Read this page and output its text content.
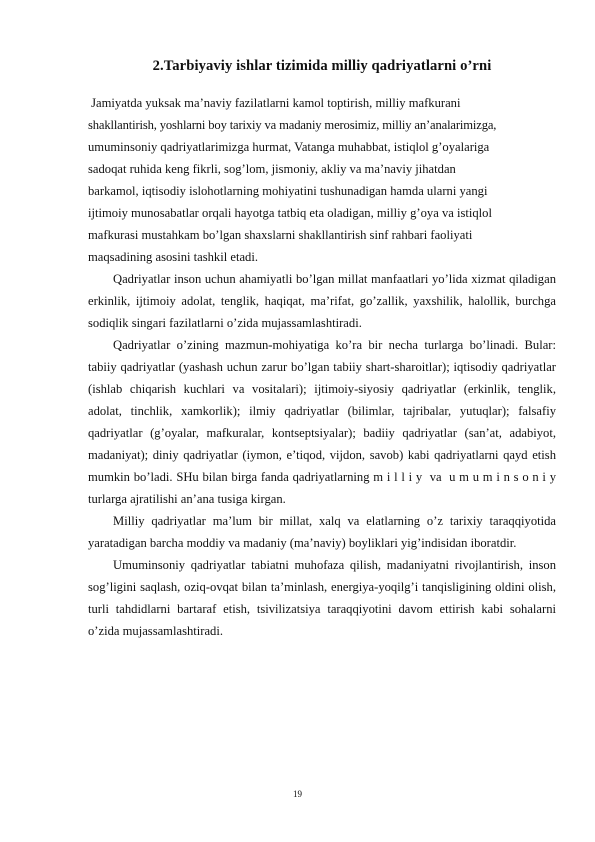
2.Tarbiyaviy ishlar tizimida milliy qadriyatlarni o’rni

Jamiyatda yuksak ma’naviy fazilatlarni kamol toptirish, milliy mafkurani
shakllantirish, yoshlarni boy tarixiy va madaniy merosimiz, milliy an’analarimizga,
umuminsoniy qadriyatlarimizga hurmat, Vatanga muhabbat, istiqlol g’oyalariga
sadoqat ruhida keng fikrli, sog’lom, jismoniy, akliy va ma’naviy jihatdan
barkamol, iqtisodiy islohotlarning mohiyatini tushunadigan hamda ularni yangi
ijtimoiy munosabatlar orqali hayotga tatbiq eta oladigan, milliy g’oya va istiqlol
mafkurasi mustahkam bo’lgan shaxslarni shakllantirish sinf rahbari faoliyati
maqsadining asosini tashkil etadi.

Qadriyatlar inson uchun ahamiyatli bo’lgan millat manfaatlari yo’lida xizmat qiladigan erkinlik, ijtimoiy adolat, tenglik, haqiqat, ma’rifat, go’zallik, yaxshilik, halollik, burchga sodiqlik singari fazilatlarni o’zida mujassamlashtiradi.

Qadriyatlar o’zining mazmun-mohiyatiga ko’ra bir necha turlarga bo’linadi. Bular: tabiiy qadriyatlar (yashash uchun zarur bo’lgan tabiiy shart-sharoitlar); iqtisodiy qadriyatlar (ishlab chiqarish kuchlari va vositalari); ijtimoiy-siyosiy qadriyatlar (erkinlik, tenglik, adolat, tinchlik, xamkorlik); ilmiy qadriyatlar (bilimlar, tajribalar, yutuqlar); falsafiy qadriyatlar (g’oyalar, mafkuralar, kontseptsiyalar); badiiy qadriyatlar (san’at, adabiyot, madaniyat); diniy qadriyatlar (iymon, e’tiqod, vijdon, savob) kabi qadriyatlarni qayd etish mumkin bo’ladi. SHu bilan birga fanda qadriyatlarning m i l l i y  va  u m u m i n s o n i y turlarga ajratilishi an’ana tusiga kirgan.

Milliy qadriyatlar ma’lum bir millat, xalq va elatlarning o’z tarixiy taraqqiyotida yaratadigan barcha moddiy va madaniy (ma’naviy) boyliklari yig’indisidan iboratdir.

Umuminsoniy qadriyatlar tabiatni muhofaza qilish, madaniyatni rivojlantirish, inson sog’ligini saqlash, oziq-ovqat bilan ta’minlash, energiya-yoqilg’i tanqisligining oldini olish, turli tahdidlarni bartaraf etish, tsivilizatsiya taraqqiyotini davom ettirish kabi sohalarni o’zida mujassamlashtiradi.

19
